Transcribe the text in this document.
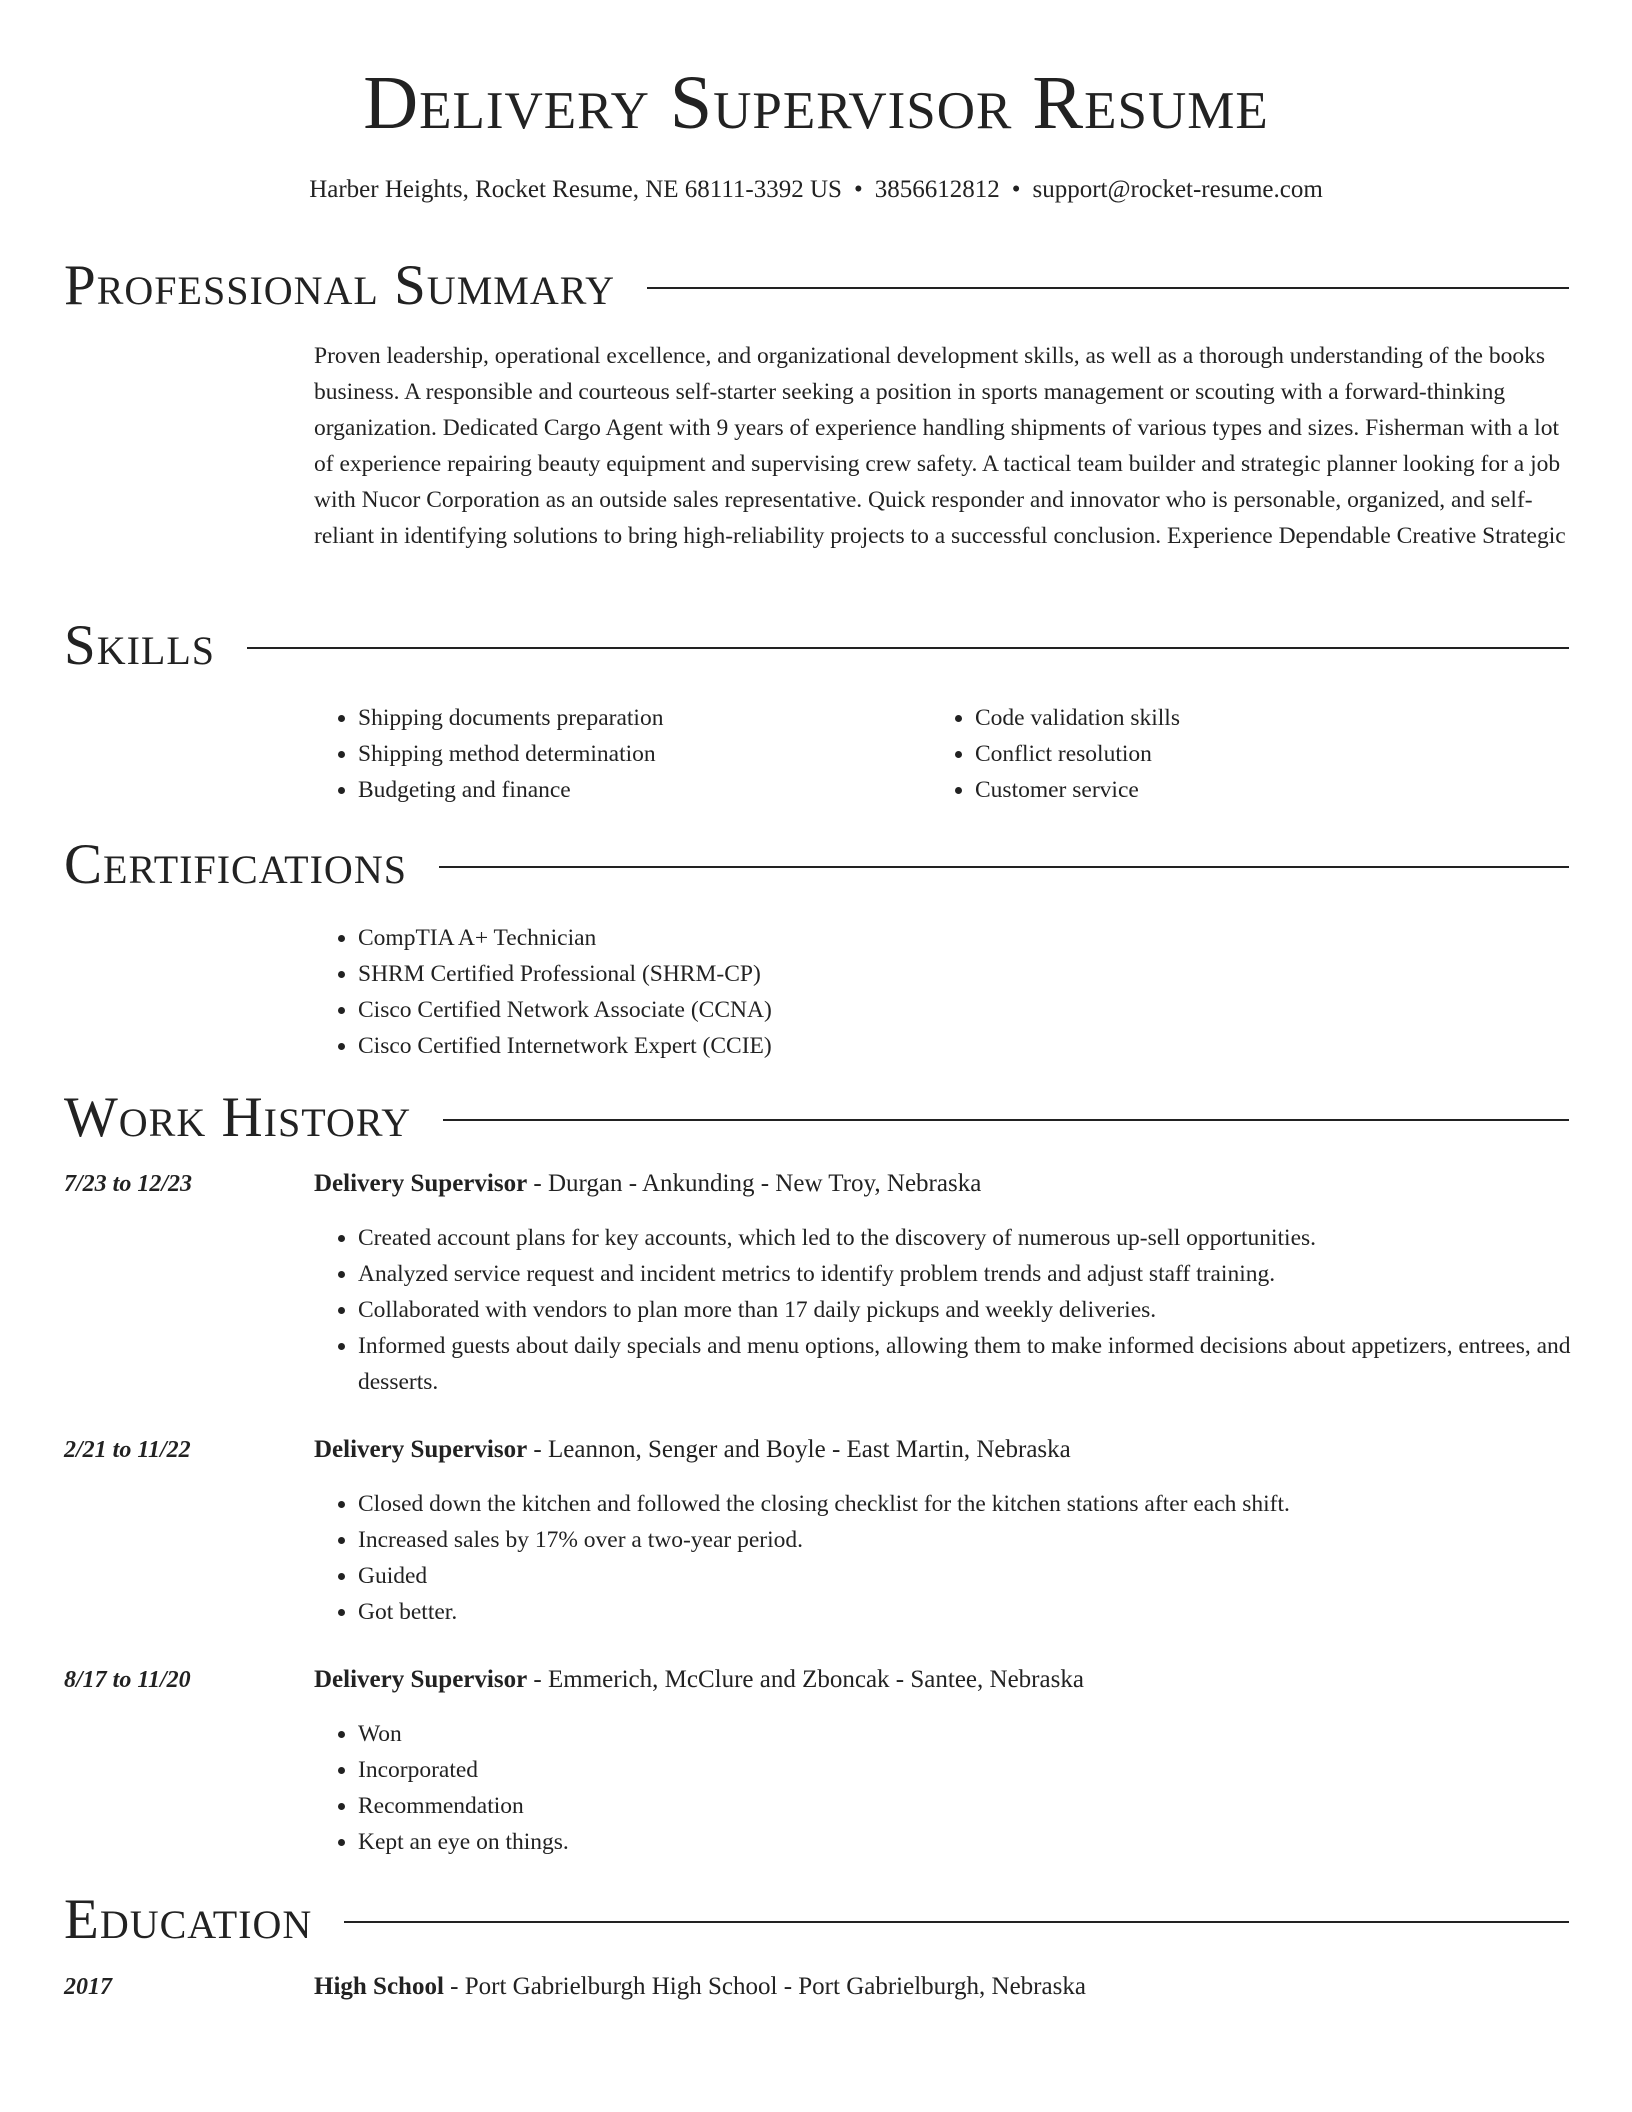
Delivery Supervisor Resume
Harber Heights, Rocket Resume, NE 68111-3392 US • 3856612812 • support@rocket-resume.com
Professional Summary

Proven leadership, operational excellence, and organizational development skills, as well as a thorough understanding of the books business. A responsible and courteous self-starter seeking a position in sports management or scouting with a forward-thinking organization. Dedicated Cargo Agent with 9 years of experience handling shipments of various types and sizes. Fisherman with a lot of experience repairing beauty equipment and supervising crew safety. A tactical team builder and strategic planner looking for a job with Nucor Corporation as an outside sales representative. Quick responder and innovator who is personable, organized, and self-reliant in identifying solutions to bring high-reliability projects to a successful conclusion. Experience Dependable Creative Strategic

Skills
• Shipping documents preparation
• Shipping method determination
• Budgeting and finance
• Code validation skills
• Conflict resolution
• Customer service
Certifications
• CompTIA A+ Technician
• SHRM Certified Professional (SHRM-CP)
• Cisco Certified Network Associate (CCNA)
• Cisco Certified Internetwork Expert (CCIE)
Work History
7/23 to 12/23	Delivery Supervisor - Durgan - Ankunding - New Troy, Nebraska
• Created account plans for key accounts, which led to the discovery of numerous up-sell opportunities.
• Analyzed service request and incident metrics to identify problem trends and adjust staff training.
• Collaborated with vendors to plan more than 17 daily pickups and weekly deliveries.
• Informed guests about daily specials and menu options, allowing them to make informed decisions about appetizers, entrees, and desserts.
2/21 to 11/22	Delivery Supervisor - Leannon, Senger and Boyle - East Martin, Nebraska
• Closed down the kitchen and followed the closing checklist for the kitchen stations after each shift.
• Increased sales by 17% over a two-year period.
• Guided
• Got better.
8/17 to 11/20	Delivery Supervisor - Emmerich, McClure and Zboncak - Santee, Nebraska
• Won
• Incorporated
• Recommendation
• Kept an eye on things.
Education
2017	High School - Port Gabrielburgh High School - Port Gabrielburgh, Nebraska
